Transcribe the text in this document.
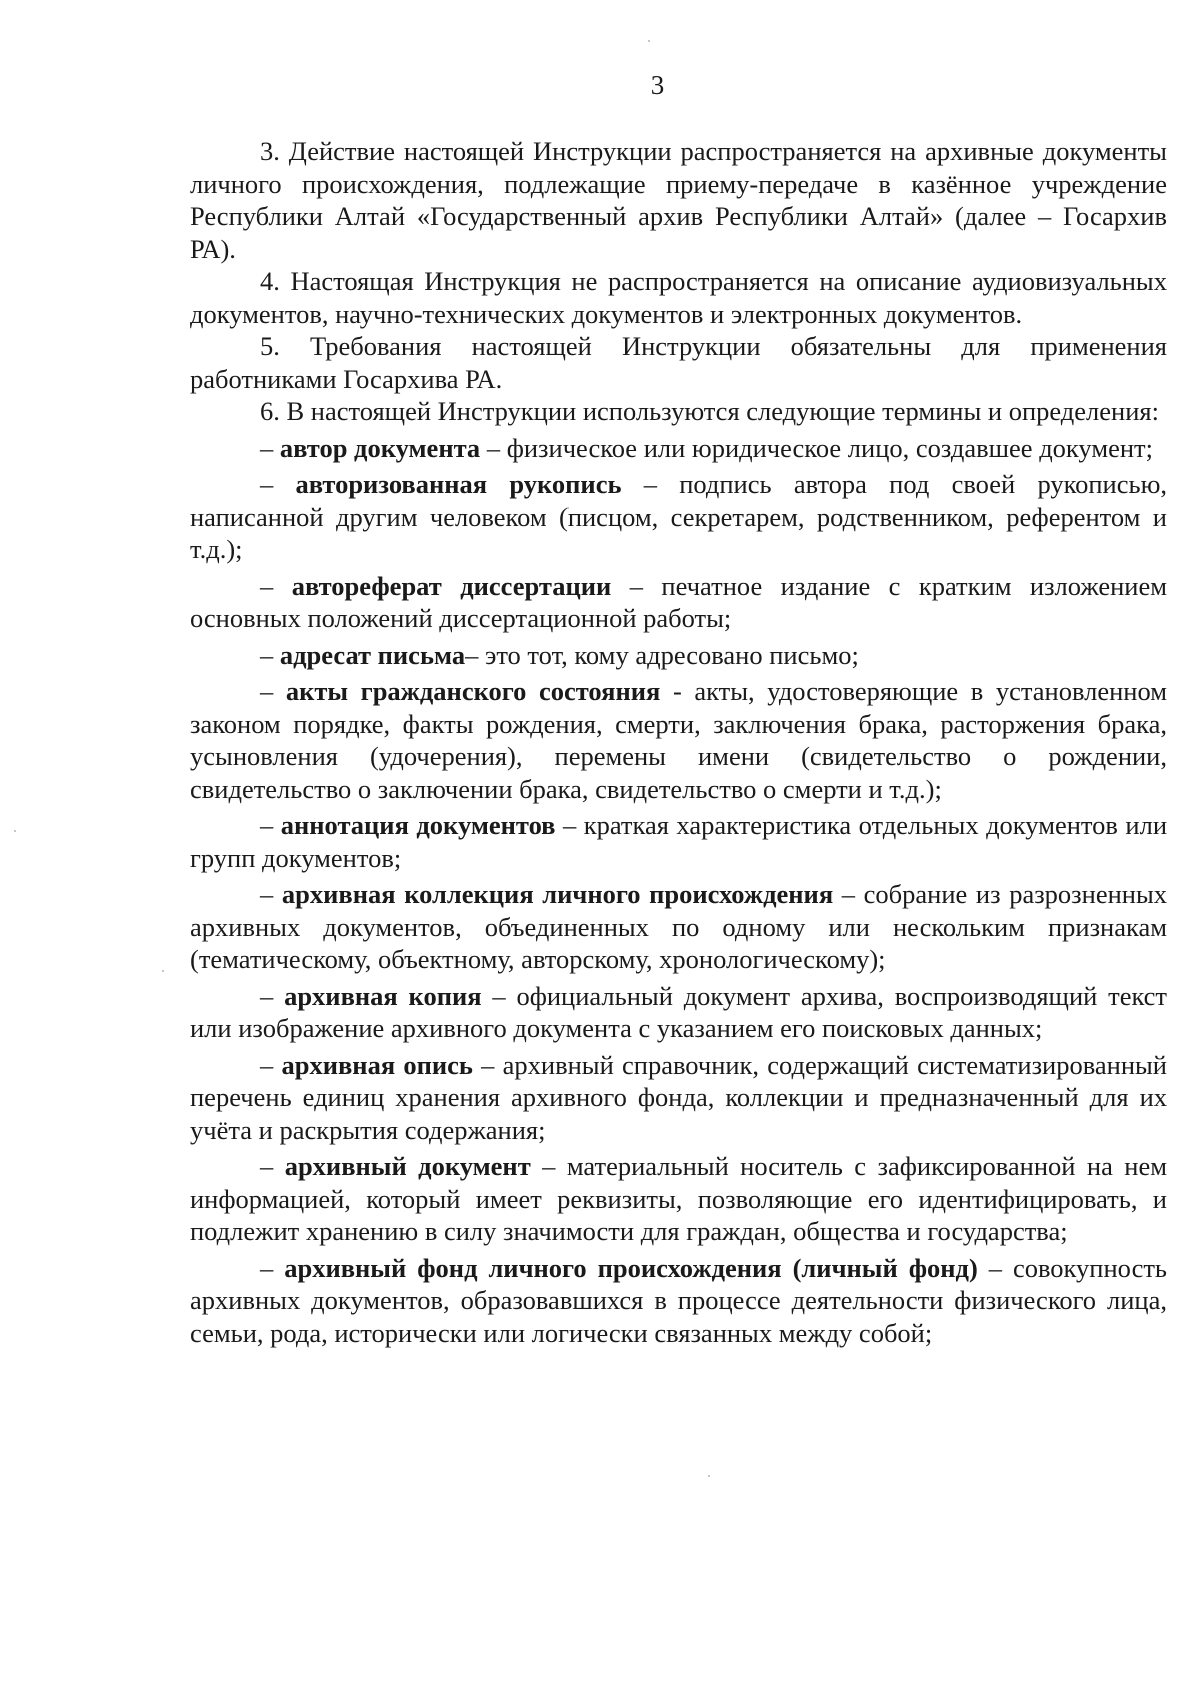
3

3. Действие настоящей Инструкции распространяется на архивные документы личного происхождения, подлежащие приему-передаче в казённое учреждение Республики Алтай «Государственный архив Республики Алтай» (далее – Госархив РА).

4. Настоящая Инструкция не распространяется на описание аудиовизуальных документов, научно-технических документов и электронных документов.

5. Требования настоящей Инструкции обязательны для применения работниками Госархива РА.

6. В настоящей Инструкции используются следующие термины и определения:

– автор документа – физическое или юридическое лицо, создавшее документ;

– авторизованная рукопись – подпись автора под своей рукописью, написанной другим человеком (писцом, секретарем, родственником, референтом и т.д.);

– автореферат диссертации – печатное издание с кратким изложением основных положений диссертационной работы;

– адресат письма– это тот, кому адресовано письмо;

– акты гражданского состояния - акты, удостоверяющие в установленном законом порядке, факты рождения, смерти, заключения брака, расторжения брака, усыновления (удочерения), перемены имени (свидетельство о рождении, свидетельство о заключении брака, свидетельство о смерти и т.д.);

– аннотация документов – краткая характеристика отдельных документов или групп документов;

– архивная коллекция личного происхождения – собрание из разрозненных архивных документов, объединенных по одному или нескольким признакам (тематическому, объектному, авторскому, хронологическому);

– архивная копия – официальный документ архива, воспроизводящий текст или изображение архивного документа с указанием его поисковых данных;

– архивная опись – архивный справочник, содержащий систематизированный перечень единиц хранения архивного фонда, коллекции и предназначенный для их учёта и раскрытия содержания;

– архивный документ – материальный носитель с зафиксированной на нем информацией, который имеет реквизиты, позволяющие его идентифицировать, и подлежит хранению в силу значимости для граждан, общества и государства;

– архивный фонд личного происхождения (личный фонд) – совокупность архивных документов, образовавшихся в процессе деятельности физического лица, семьи, рода, исторически или логически связанных между собой;
